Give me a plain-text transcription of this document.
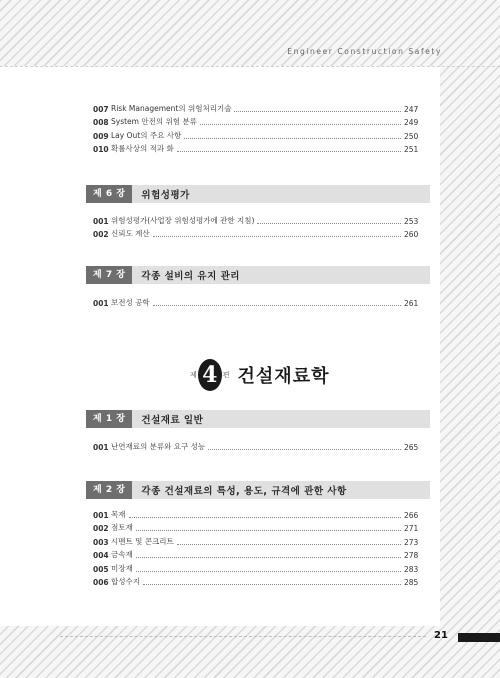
Engineer Construction Safety
007 Risk Management의 위험처리기술	247
008 System 안전의 위험 분류	249
009 Lay Out의 주요 사항	250
010 확률사상의 적과 화	251
제 6 장	위험성평가
001 위험성평가(사업장 위험성평가에 관한 지침)	253
002 신뢰도 계산	260
제 7 장	각종 설비의 유지 관리
001 보전성 공학	261
제 4 편 건설재료학
제 1 장	건설재료 일반
001 난연재료의 분류와 요구 성능	265
제 2 장	각종 건설재료의 특성, 용도, 규격에 관한 사항
001 목재	266
002 점토재	271
003 시멘트 및 콘크리트	273
004 금속재	278
005 미장재	283
006 합성수지	285
21
